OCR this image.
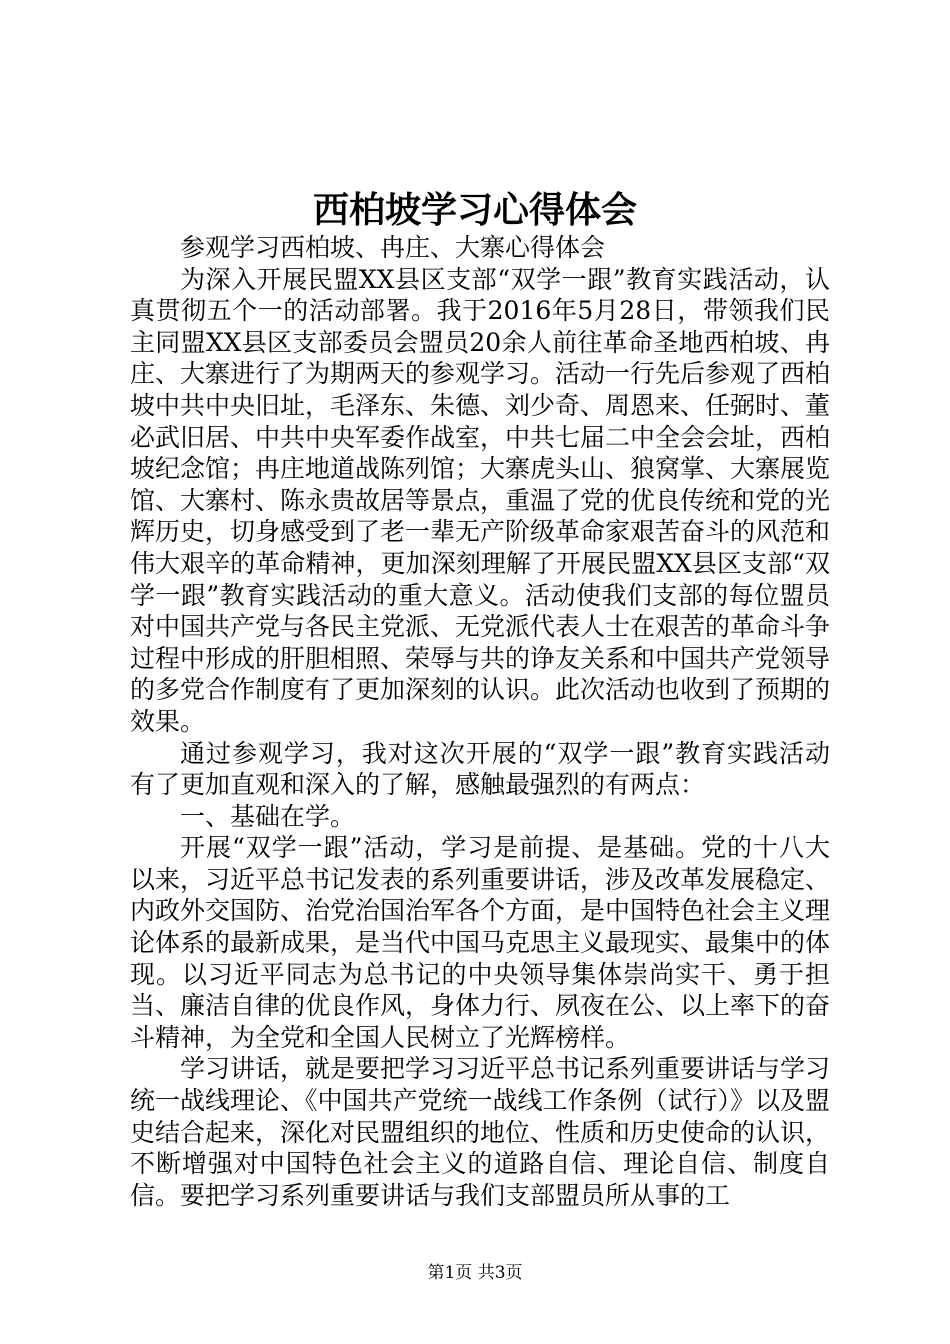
西柏坡学习心得体会

参观学习西柏坡、冉庄、大寨心得体会

为深入开展民盟XX县区支部“双学一跟”教育实践活动，认真贯彻五个一的活动部署。我于2016年5月28日，带领我们民主同盟XX县区支部委员会盟员20余人前往革命圣地西柏坡、冉庄、大寨进行了为期两天的参观学习。活动一行先后参观了西柏坡中共中央旧址，毛泽东、朱德、刘少奇、周恩来、任弼时、董必武旧居、中共中央军委作战室，中共七届二中全会会址，西柏坡纪念馆；冉庄地道战陈列馆；大寨虎头山、狼窝掌、大寨展览馆、大寨村、陈永贵故居等景点，重温了党的优良传统和党的光辉历史，切身感受到了老一辈无产阶级革命家艰苦奋斗的风范和伟大艰辛的革命精神，更加深刻理解了开展民盟XX县区支部“双学一跟”教育实践活动的重大意义。活动使我们支部的每位盟员对中国共产党与各民主党派、无党派代表人士在艰苦的革命斗争过程中形成的肝胆相照、荣辱与共的诤友关系和中国共产党领导的多党合作制度有了更加深刻的认识。此次活动也收到了预期的效果。

通过参观学习，我对这次开展的“双学一跟”教育实践活动有了更加直观和深入的了解，感触最强烈的有两点：

一、基础在学。

开展“双学一跟”活动，学习是前提、是基础。党的十八大以来，习近平总书记发表的系列重要讲话，涉及改革发展稳定、内政外交国防、治党治国治军各个方面，是中国特色社会主义理论体系的最新成果，是当代中国马克思主义最现实、最集中的体现。以习近平同志为总书记的中央领导集体崇尚实干、勇于担当、廉洁自律的优良作风，身体力行、夙夜在公、以上率下的奋斗精神，为全党和全国人民树立了光辉榜样。

学习讲话，就是要把学习习近平总书记系列重要讲话与学习统一战线理论、《中国共产党统一战线工作条例（试行）》以及盟史结合起来，深化对民盟组织的地位、性质和历史使命的认识，不断增强对中国特色社会主义的道路自信、理论自信、制度自信。要把学习系列重要讲话与我们支部盟员所从事的工

第1页 共3页
